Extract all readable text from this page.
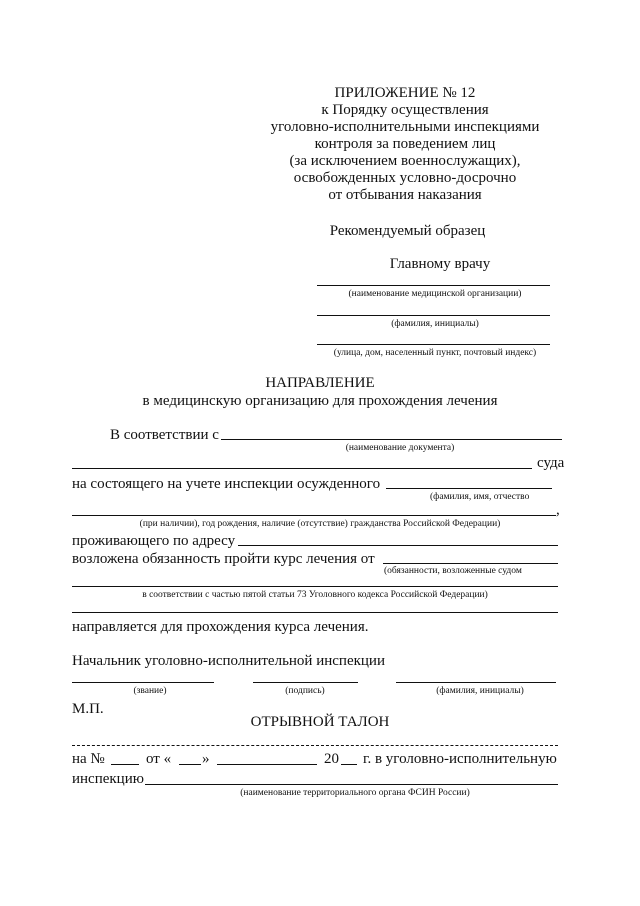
ПРИЛОЖЕНИЕ № 12
к Порядку осуществления
уголовно-исполнительными инспекциями
контроля за поведением лиц
(за исключением военнослужащих),
освобожденных условно-досрочно
от отбывания наказания
Рекомендуемый образец
Главному врачу
(наименование медицинской организации)
(фамилия, инициалы)
(улица, дом, населенный пункт, почтовый индекс)
НАПРАВЛЕНИЕ
в медицинскую организацию для прохождения лечения
В соответствии с
(наименование документа)
суда
на состоящего на учете инспекции осужденного
(фамилия, имя, отчество
,
(при наличии), год рождения, наличие (отсутствие) гражданства Российской Федерации)
проживающего по адресу
возложена обязанность пройти курс лечения от
(обязанности, возложенные судом
в соответствии с частью пятой статьи 73 Уголовного кодекса Российской Федерации)
направляется для прохождения курса лечения.
Начальник уголовно-исполнительной инспекции
(звание)	(подпись)	(фамилия, инициалы)
М.П.
ОТРЫВНОЙ ТАЛОН
на №	от « »	20 г. в уголовно-исполнительную
инспекцию
(наименование территориального органа ФСИН России)
